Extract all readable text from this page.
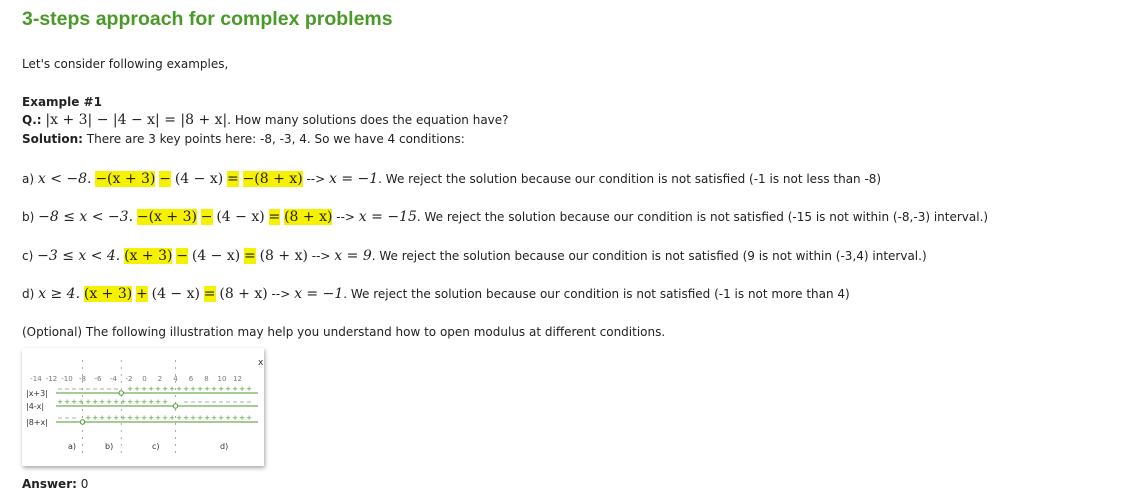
3-steps approach for complex problems
Let's consider following examples,
Example #1
Q.: |x + 3| − |4 − x| = |8 + x|. How many solutions does the equation have?
Solution: There are 3 key points here: -8, -3, 4. So we have 4 conditions:
a) x < −8. −(x + 3) − (4 − x) = −(8 + x) --> x = −1. We reject the solution because our condition is not satisfied (-1 is not less than -8)
b) −8 ≤ x < −3. −(x + 3) − (4 − x) = (8 + x) --> x = −15. We reject the solution because our condition is not satisfied (-15 is not within (-8,-3) interval.)
c) −3 ≤ x < 4. (x + 3) − (4 − x) = (8 + x) --> x = 9. We reject the solution because our condition is not satisfied (9 is not within (-3,4) interval.)
d) x ≥ 4. (x + 3) + (4 − x) = (8 + x) --> x = −1. We reject the solution because our condition is not satisfied (-1 is not more than 4)
(Optional) The following illustration may help you understand how to open modulus at different conditions.
x
-14 -12 -10 -8 -6 -4 -2 0 2 4 6 8 10 12
|x+3|
|4-x|
|8+x|
+ + + + + + + + + + + + + + + + + +
+ + + + + + + + + + + + + + + +
+ + + + + + + + + + + + + + + + + + + + + + + +
a)	b)	c)	d)
Answer: 0
